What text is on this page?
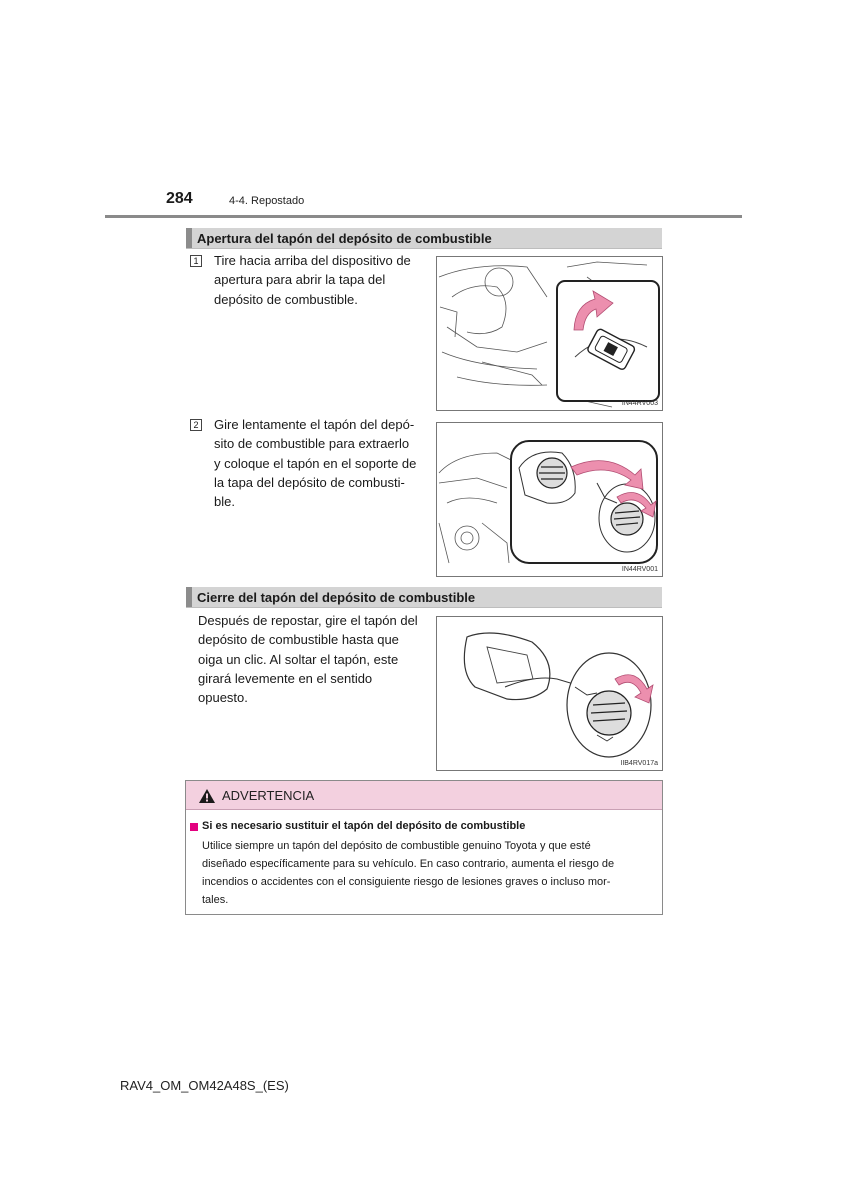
284	4-4. Repostado
Apertura del tapón del depósito de combustible
1 Tire hacia arriba del dispositivo de
apertura para abrir la tapa del
depósito de combustible.
IN44RV003
2 Gire lentamente el tapón del depó-
sito de combustible para extraerlo
y coloque el tapón en el soporte de
la tapa del depósito de combusti-
ble.
IN44RV001
Cierre del tapón del depósito de combustible
Después de repostar, gire el tapón del
depósito de combustible hasta que
oiga un clic. Al soltar el tapón, este
girará levemente en el sentido
opuesto.
IIB4RV017a
ADVERTENCIA
Si es necesario sustituir el tapón del depósito de combustible
Utilice siempre un tapón del depósito de combustible genuino Toyota y que esté
diseñado específicamente para su vehículo. En caso contrario, aumenta el riesgo de
incendios o accidentes con el consiguiente riesgo de lesiones graves o incluso mor-
tales.
RAV4_OM_OM42A48S_(ES)
